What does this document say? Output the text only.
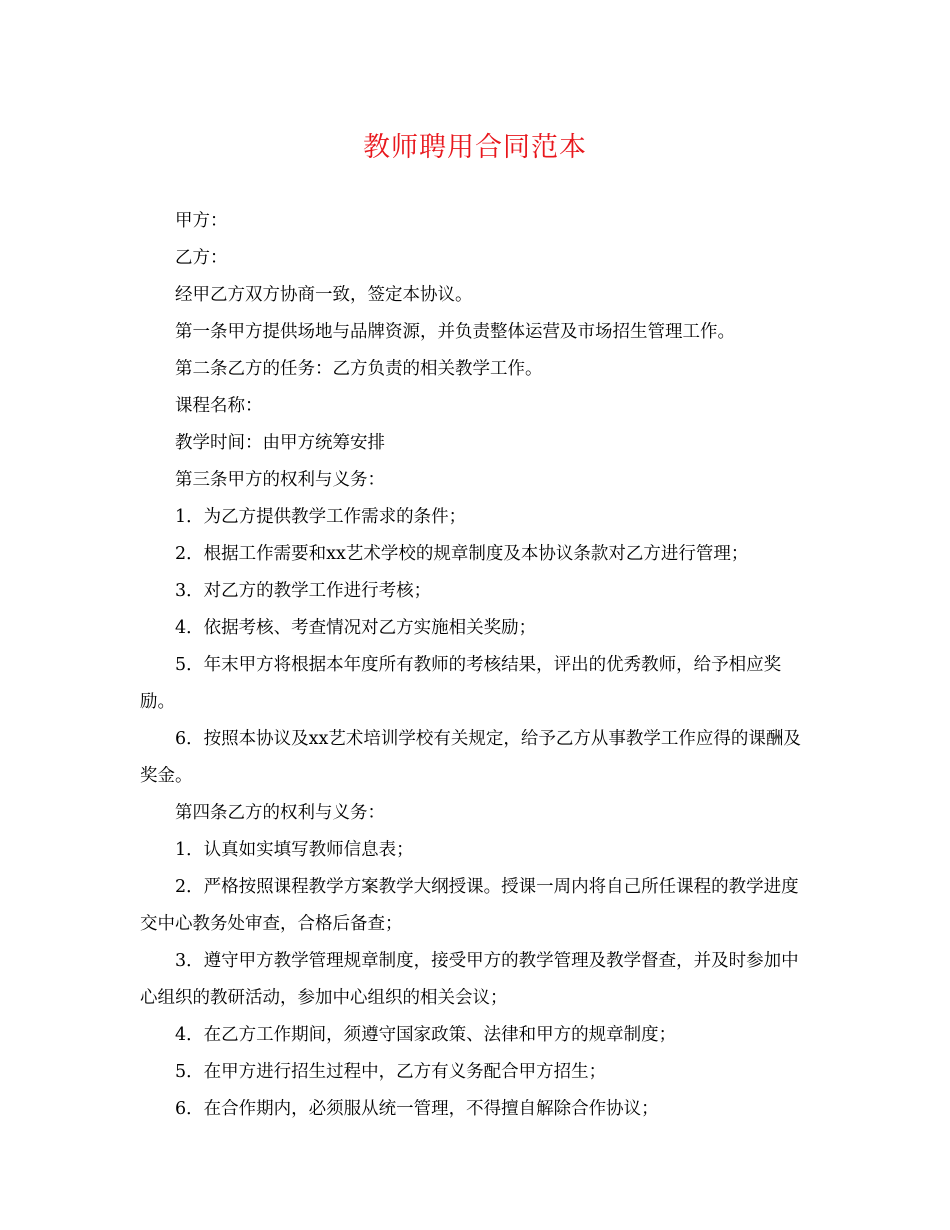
教师聘用合同范本

甲方：

乙方：

经甲乙方双方协商一致，签定本协议。

第一条甲方提供场地与品牌资源，并负责整体运营及市场招生管理工作。

第二条乙方的任务：乙方负责的相关教学工作。

课程名称：

教学时间：由甲方统筹安排

第三条甲方的权利与义务：

1．为乙方提供教学工作需求的条件；

2．根据工作需要和xx艺术学校的规章制度及本协议条款对乙方进行管理；

3．对乙方的教学工作进行考核；

4．依据考核、考查情况对乙方实施相关奖励；

5．年末甲方将根据本年度所有教师的考核结果，评出的优秀教师，给予相应奖励。

6．按照本协议及xx艺术培训学校有关规定，给予乙方从事教学工作应得的课酬及奖金。

第四条乙方的权利与义务：

1．认真如实填写教师信息表；

2．严格按照课程教学方案教学大纲授课。授课一周内将自己所任课程的教学进度交中心教务处审查，合格后备查；

3．遵守甲方教学管理规章制度，接受甲方的教学管理及教学督查，并及时参加中心组织的教研活动，参加中心组织的相关会议；

4．在乙方工作期间，须遵守国家政策、法律和甲方的规章制度；

5．在甲方进行招生过程中，乙方有义务配合甲方招生；

6．在合作期内，必须服从统一管理，不得擅自解除合作协议；
